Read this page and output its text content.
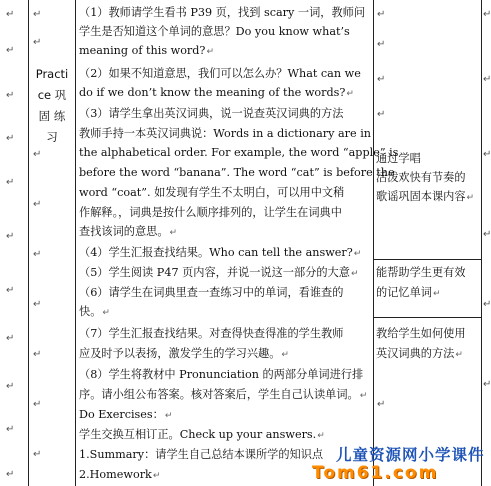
↵
↵
↵
↵
↵
↵
↵
↵
↵
↵
↵
Practi
ce 巩
固 练
习
↵
↵
↵
↵
↵
↵
↵
↵
↵
（1）教师请学生看书 P39 页，找到 scary 一词，教师问
学生是否知道这个单词的意思？Do you know what’s
meaning of this word?↵
（2）如果不知道意思，我们可以怎么办？What can we
do if we don’t know the meaning of the words?↵
（3）请学生拿出英汉词典，说一说查英汉词典的方法
教师手持一本英汉词典说：Words in a dictionary are in
the alphabetical order. For example, the word “apple” is
before the word “banana”. The word “cat” is before the
word “coat”. 如发现有学生不太明白，可以用中文稍
作解释。，词典是按什么顺序排列的，让学生在词典中
查找该词的意思。↵
（4）学生汇报查找结果。Who can tell the answer?↵
（5）学生阅读 P47 页内容，并说一说这一部分的大意↵
（6）请学生在词典里查一查练习中的单词，看谁查的
快。↵
（7）学生汇报查找结果。对查得快查得准的学生教师
应及时予以表扬，激发学生的学习兴趣。↵
（8）学生将教材中 Pronunciation 的两部分单词进行排
序。请小组公布答案。核对答案后，学生自己认读单词。↵
Do Exercises：↵
学生交换互相订正。Check up your answers.↵
1.Summary：请学生自己总结本课所学的知识点
2.Homework↵
通过学唱
活泼欢快有节奏的
歌谣巩固本课内容↵
能帮助学生更有效
的记忆单词↵
教给学生如何使用
英汉词典的方法↵
↵
↵
↵
↵
↵
↵
↵
↵
↵
↵
↵
儿童资源网小学课件
Tom61.com
